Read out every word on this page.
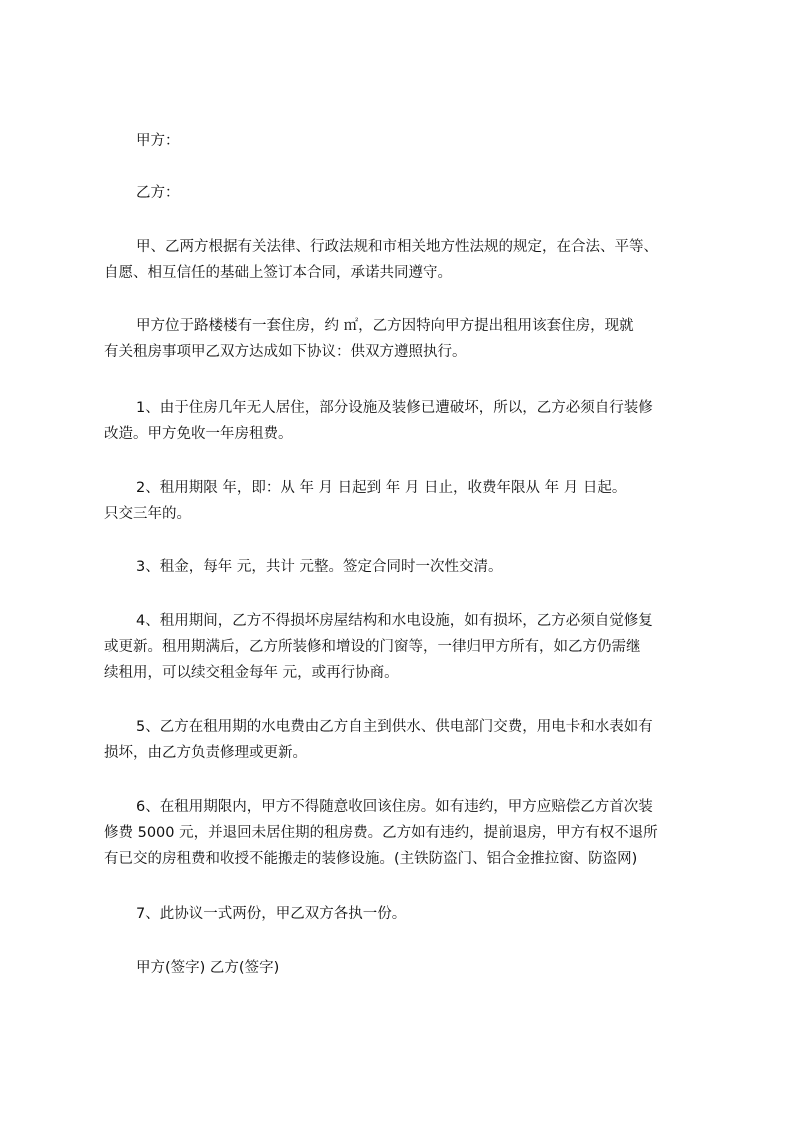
甲方：
乙方：
甲、乙两方根据有关法律、行政法规和市相关地方性法规的规定，在合法、平等、
自愿、相互信任的基础上签订本合同，承诺共同遵守。
甲方位于路楼楼有一套住房，约 ㎡，乙方因特向甲方提出租用该套住房，现就
有关租房事项甲乙双方达成如下协议：供双方遵照执行。
1、由于住房几年无人居住，部分设施及装修已遭破坏，所以，乙方必须自行装修
改造。甲方免收一年房租费。
2、租用期限 年，即：从 年 月 日起到 年 月 日止，收费年限从 年 月 日起。
只交三年的。
3、租金，每年 元，共计 元整。签定合同时一次性交清。
4、租用期间，乙方不得损坏房屋结构和水电设施，如有损坏，乙方必须自觉修复
或更新。租用期满后，乙方所装修和增设的门窗等，一律归甲方所有，如乙方仍需继
续租用，可以续交租金每年 元，或再行协商。
5、乙方在租用期的水电费由乙方自主到供水、供电部门交费，用电卡和水表如有
损坏，由乙方负责修理或更新。
6、在租用期限内，甲方不得随意收回该住房。如有违约，甲方应赔偿乙方首次装
修费 5000 元，并退回未居住期的租房费。乙方如有违约，提前退房，甲方有权不退所
有已交的房租费和收授不能搬走的装修设施。(主铁防盗门、铝合金推拉窗、防盗网)
7、此协议一式两份，甲乙双方各执一份。
甲方(签字) 乙方(签字)
